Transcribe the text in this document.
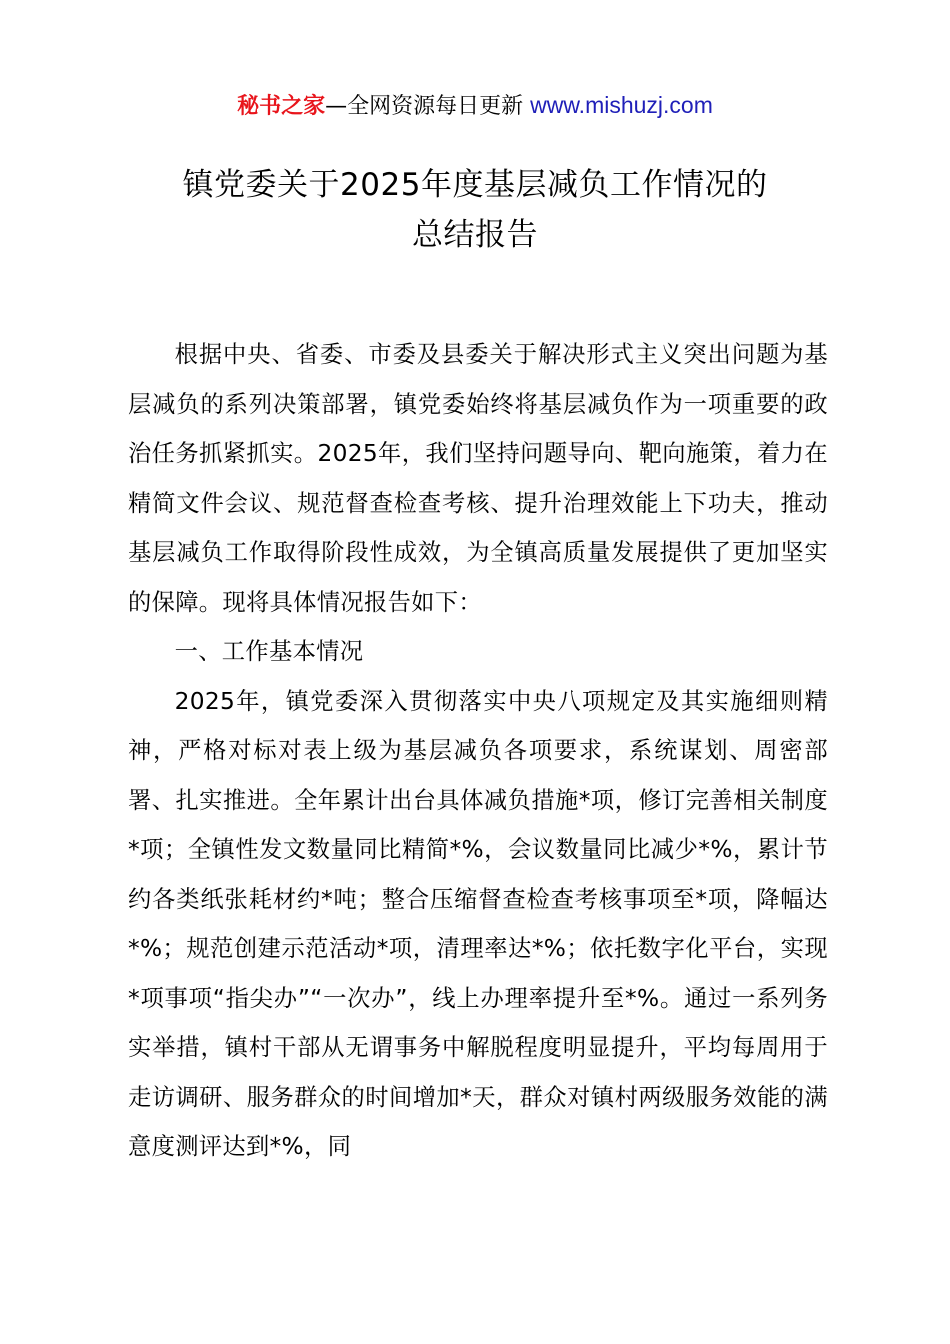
秘书之家—全网资源每日更新 www.mishuzj.com
镇党委关于2025年度基层减负工作情况的
总结报告

根据中央、省委、市委及县委关于解决形式主义突出问题为基层减负的系列决策部署，镇党委始终将基层减负作为一项重要的政治任务抓紧抓实。2025年，我们坚持问题导向、靶向施策，着力在精简文件会议、规范督查检查考核、提升治理效能上下功夫，推动基层减负工作取得阶段性成效，为全镇高质量发展提供了更加坚实的保障。现将具体情况报告如下：

一、工作基本情况

2025年，镇党委深入贯彻落实中央八项规定及其实施细则精神，严格对标对表上级为基层减负各项要求，系统谋划、周密部署、扎实推进。全年累计出台具体减负措施*项，修订完善相关制度*项；全镇性发文数量同比精简*%，会议数量同比减少*%，累计节约各类纸张耗材约*吨；整合压缩督查检查考核事项至*项，降幅达*%；规范创建示范活动*项，清理率达*%；依托数字化平台，实现*项事项“指尖办”“一次办”，线上办理率提升至*%。通过一系列务实举措，镇村干部从无谓事务中解脱程度明显提升，平均每周用于走访调研、服务群众的时间增加*天，群众对镇村两级服务效能的满意度测评达到*%，同
